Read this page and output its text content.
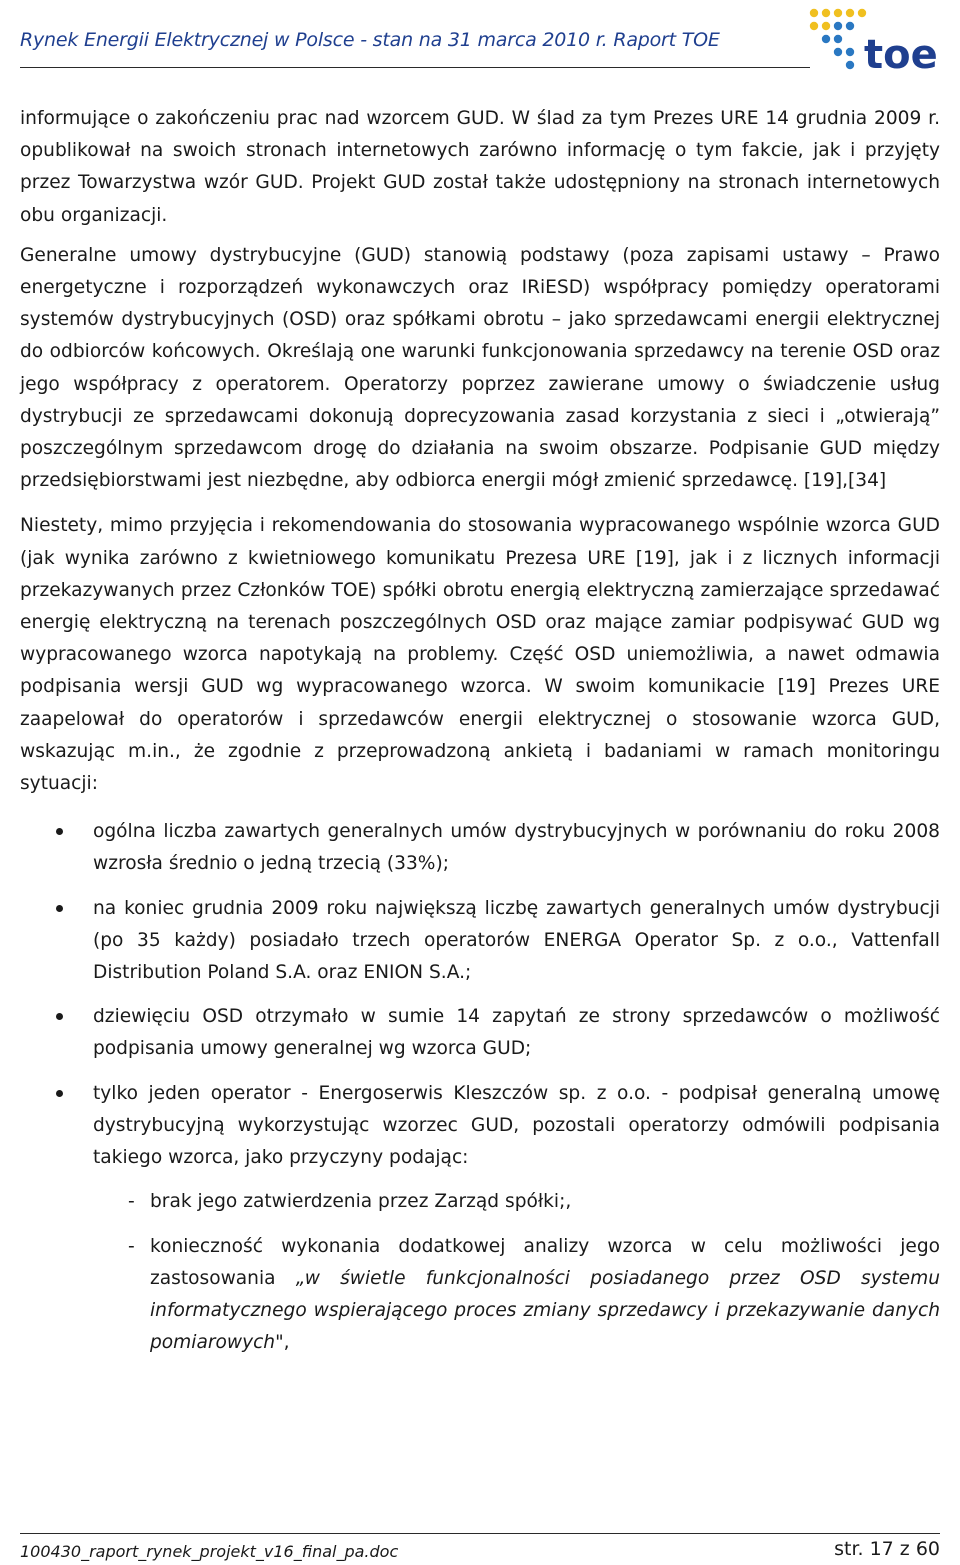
Rynek Energii Elektrycznej w Polsce - stan na 31 marca 2010 r. Raport TOE	toe

informujące o zakończeniu prac nad wzorcem GUD. W ślad za tym Prezes URE 14 grudnia 2009 r. opublikował na swoich stronach internetowych zarówno informację o tym fakcie, jak i przyjęty przez Towarzystwa wzór GUD. Projekt GUD został także udostępniony na stronach internetowych obu organizacji.

Generalne umowy dystrybucyjne (GUD) stanowią podstawy (poza zapisami ustawy – Prawo energetyczne i rozporządzeń wykonawczych oraz IRiESD) współpracy pomiędzy operatorami systemów dystrybucyjnych (OSD) oraz spółkami obrotu – jako sprzedawcami energii elektrycznej do odbiorców końcowych. Określają one warunki funkcjonowania sprzedawcy na terenie OSD oraz jego współpracy z operatorem. Operatorzy poprzez zawierane umowy o świadczenie usług dystrybucji ze sprzedawcami dokonują doprecyzowania zasad korzystania z sieci i „otwierają” poszczególnym sprzedawcom drogę do działania na swoim obszarze. Podpisanie GUD między przedsiębiorstwami jest niezbędne, aby odbiorca energii mógł zmienić sprzedawcę. [19],[34]

Niestety, mimo przyjęcia i rekomendowania do stosowania wypracowanego wspólnie wzorca GUD (jak wynika zarówno z kwietniowego komunikatu Prezesa URE [19], jak i z licznych informacji przekazywanych przez Członków TOE) spółki obrotu energią elektryczną zamierzające sprzedawać energię elektryczną na terenach poszczególnych OSD oraz mające zamiar podpisywać GUD wg wypracowanego wzorca napotykają na problemy. Część OSD uniemożliwia, a nawet odmawia podpisania wersji GUD wg wypracowanego wzorca. W swoim komunikacie [19] Prezes URE zaapelował do operatorów i sprzedawców energii elektrycznej o stosowanie wzorca GUD, wskazując m.in., że zgodnie z przeprowadzoną ankietą i badaniami w ramach monitoringu sytuacji:

ogólna liczba zawartych generalnych umów dystrybucyjnych w porównaniu do roku 2008 wzrosła średnio o jedną trzecią (33%);
na koniec grudnia 2009 roku największą liczbę zawartych generalnych umów dystrybucji (po 35 każdy) posiadało trzech operatorów ENERGA Operator Sp. z o.o., Vattenfall Distribution Poland S.A. oraz ENION S.A.;
dziewięciu OSD otrzymało w sumie 14 zapytań ze strony sprzedawców o możliwość podpisania umowy generalnej wg wzorca GUD;
tylko jeden operator - Energoserwis Kleszczów sp. z o.o. - podpisał generalną umowę dystrybucyjną wykorzystując wzorzec GUD, pozostali operatorzy odmówili podpisania takiego wzorca, jako przyczyny podając:
- brak jego zatwierdzenia przez Zarząd spółki;,
- konieczność wykonania dodatkowej analizy wzorca w celu możliwości jego zastosowania „w świetle funkcjonalności posiadanego przez OSD systemu informatycznego wspierającego proces zmiany sprzedawcy i przekazywanie danych pomiarowych",
100430_raport_rynek_projekt_v16_final_pa.doc	str. 17 z 60
